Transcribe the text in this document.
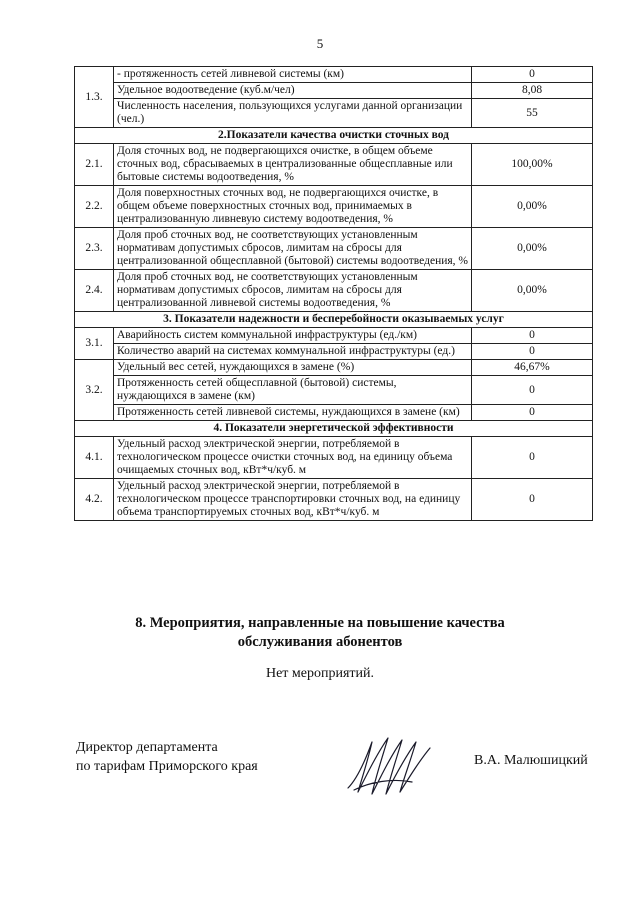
5
1.3.	- протяженность сетей ливневой системы (км)	0
	Удельное водоотведение (куб.м/чел)	8,08
	Численность населения, пользующихся услугами данной организации (чел.)	55
2.Показатели качества очистки сточных вод		
2.1.	Доля сточных вод, не подвергающихся очистке, в общем объеме сточных вод, сбрасываемых в централизованные общесплавные или бытовые системы водоотведения, %	100,00%
2.2.	Доля поверхностных сточных вод, не подвергающихся очистке, в общем объеме поверхностных сточных вод, принимаемых в централизованную ливневую систему водоотведения, %	0,00%
2.3.	Доля проб сточных вод, не соответствующих установленным нормативам допустимых сбросов, лимитам на сбросы для централизованной общесплавной (бытовой) системы водоотведения, %	0,00%
2.4.	Доля проб сточных вод, не соответствующих установленным нормативам допустимых сбросов, лимитам на сбросы для централизованной ливневой системы водоотведения, %	0,00%
3. Показатели надежности и бесперебойности оказываемых услуг		
3.1.	Аварийность систем коммунальной инфраструктуры (ед./км)	0
	Количество аварий на системах коммунальной инфраструктуры (ед.)	0
3.2.	Удельный вес сетей, нуждающихся в замене (%)	46,67%
	Протяженность сетей общесплавной (бытовой) системы, нуждающихся в замене (км)	0
	Протяженность сетей ливневой системы, нуждающихся в замене (км)	0
4. Показатели энергетической эффективности		
4.1.	Удельный расход электрической энергии, потребляемой в технологическом процессе очистки сточных вод, на единицу объема очищаемых сточных вод, кВт*ч/куб. м	0
4.2.	Удельный расход электрической энергии, потребляемой в технологическом процессе транспортировки сточных вод, на единицу объема транспортируемых сточных вод, кВт*ч/куб. м	0
8. Мероприятия, направленные на повышение качества
обслуживания абонентов
Нет мероприятий.
Директор департамента
по тарифам Приморского края	В.А. Малюшицкий
